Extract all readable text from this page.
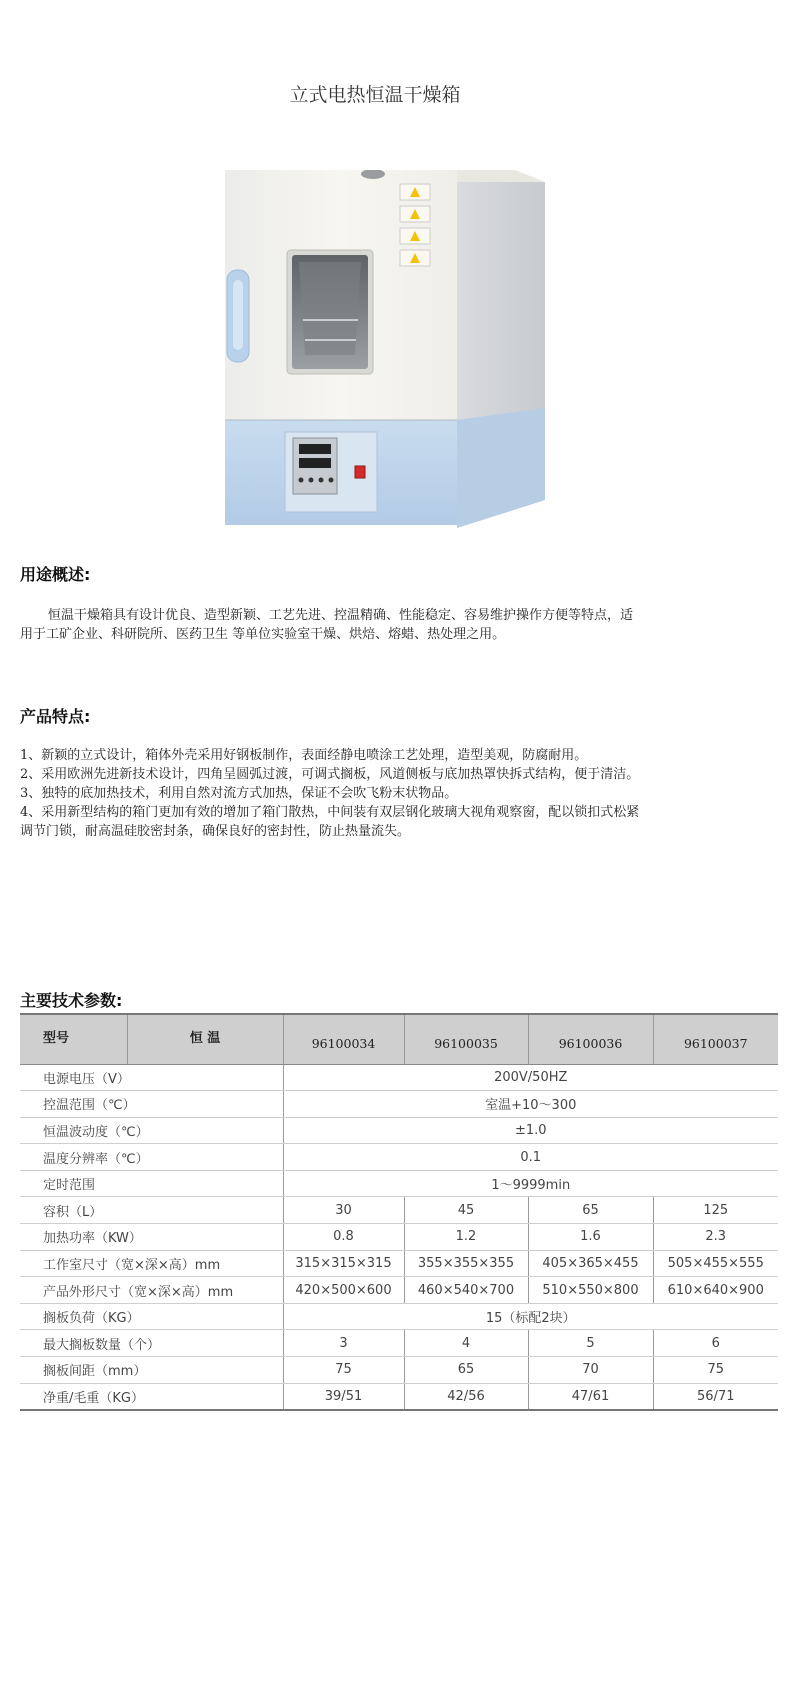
立式电热恒温干燥箱
用途概述:
恒温干燥箱具有设计优良、造型新颖、工艺先进、控温精确、性能稳定、容易维护操作方便等特点，适
用于工矿企业、科研院所、医药卫生 等单位实验室干燥、烘焙、熔蜡、热处理之用。
产品特点:
1、新颖的立式设计，箱体外壳采用好钢板制作，表面经静电喷涂工艺处理，造型美观，防腐耐用。
2、采用欧洲先进新技术设计，四角呈圆弧过渡，可调式搁板，风道侧板与底加热罩快拆式结构，便于清洁。
3、独特的底加热技术，利用自然对流方式加热，保证不会吹飞粉末状物品。
4、采用新型结构的箱门更加有效的增加了箱门散热，中间装有双层钢化玻璃大视角观察窗，配以锁扣式松紧
调节门锁，耐高温硅胶密封条，确保良好的密封性，防止热量流失。
主要技术参数:
型号	恒 温	96100034	96100035	96100036	96100037
电源电压（V）		200V/50HZ			
控温范围（℃）		室温+10～300			
恒温波动度（℃）		±1.0			
温度分辨率（℃）		0.1			
定时范围		1～9999min			
容积（L）		30	45	65	125
加热功率（KW）		0.8	1.2	1.6	2.3
工作室尺寸（宽×深×高）mm		315×315×315	355×355×355	405×365×455	505×455×555
产品外形尺寸（宽×深×高）mm		420×500×600	460×540×700	510×550×800	610×640×900
搁板负荷（KG）		15（标配2块）			
最大搁板数量（个）		3	4	5	6
搁板间距（mm）		75	65	70	75
净重/毛重（KG）		39/51	42/56	47/61	56/71
